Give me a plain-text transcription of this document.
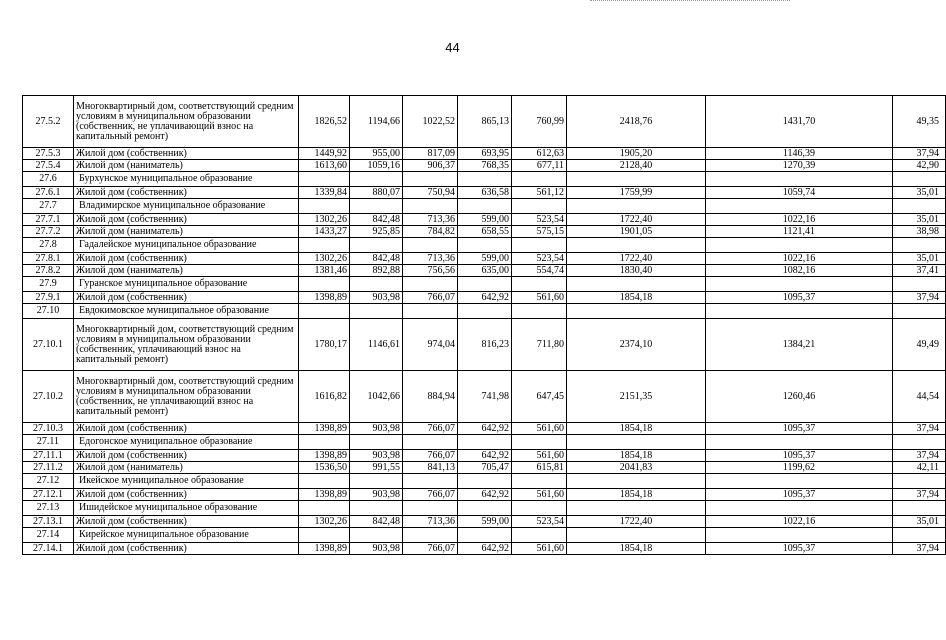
44
27.5.2	Многоквартирный дом, соответствующий средним условиям в муниципальном образовании (собственник, не уплачивающий взнос на капитальный ремонт)	1826,52	1194,66	1022,52	865,13	760,99	2418,76	1431,70	49,35
27.5.3	Жилой дом (собственник)	1449,92	955,00	817,09	693,95	612,63	1905,20	1146,39	37,94
27.5.4	Жилой дом (наниматель)	1613,60	1059,16	906,37	768,35	677,11	2128,40	1270,39	42,90
27.6	Бурхунское муниципальное образование								
27.6.1	Жилой дом (собственник)	1339,84	880,07	750,94	636,58	561,12	1759,99	1059,74	35,01
27.7	Владимирское муниципальное образование								
27.7.1	Жилой дом (собственник)	1302,26	842,48	713,36	599,00	523,54	1722,40	1022,16	35,01
27.7.2	Жилой дом (наниматель)	1433,27	925,85	784,82	658,55	575,15	1901,05	1121,41	38,98
27.8	Гадалейское муниципальное образование								
27.8.1	Жилой дом (собственник)	1302,26	842,48	713,36	599,00	523,54	1722,40	1022,16	35,01
27.8.2	Жилой дом (наниматель)	1381,46	892,88	756,56	635,00	554,74	1830,40	1082,16	37,41
27.9	Гуранское муниципальное образование								
27.9.1	Жилой дом (собственник)	1398,89	903,98	766,07	642,92	561,60	1854,18	1095,37	37,94
27.10	Евдокимовское муниципальное образование								
27.10.1	Многоквартирный дом, соответствующий средним условиям в муниципальном образовании (собственник, уплачивающий взнос на капитальный ремонт)	1780,17	1146,61	974,04	816,23	711,80	2374,10	1384,21	49,49
27.10.2	Многоквартирный дом, соответствующий средним условиям в муниципальном образовании (собственник, не уплачивающий взнос на капитальный ремонт)	1616,82	1042,66	884,94	741,98	647,45	2151,35	1260,46	44,54
27.10.3	Жилой дом (собственник)	1398,89	903,98	766,07	642,92	561,60	1854,18	1095,37	37,94
27.11	Едогонское муниципальное образование								
27.11.1	Жилой дом (собственник)	1398,89	903,98	766,07	642,92	561,60	1854,18	1095,37	37,94
27.11.2	Жилой дом (наниматель)	1536,50	991,55	841,13	705,47	615,81	2041,83	1199,62	42,11
27.12	Икейское муниципальное образование								
27.12.1	Жилой дом (собственник)	1398,89	903,98	766,07	642,92	561,60	1854,18	1095,37	37,94
27.13	Ишидейское муниципальное образование								
27.13.1	Жилой дом (собственник)	1302,26	842,48	713,36	599,00	523,54	1722,40	1022,16	35,01
27.14	Кирейское муниципальное образование								
27.14.1	Жилой дом (собственник)	1398,89	903,98	766,07	642,92	561,60	1854,18	1095,37	37,94
